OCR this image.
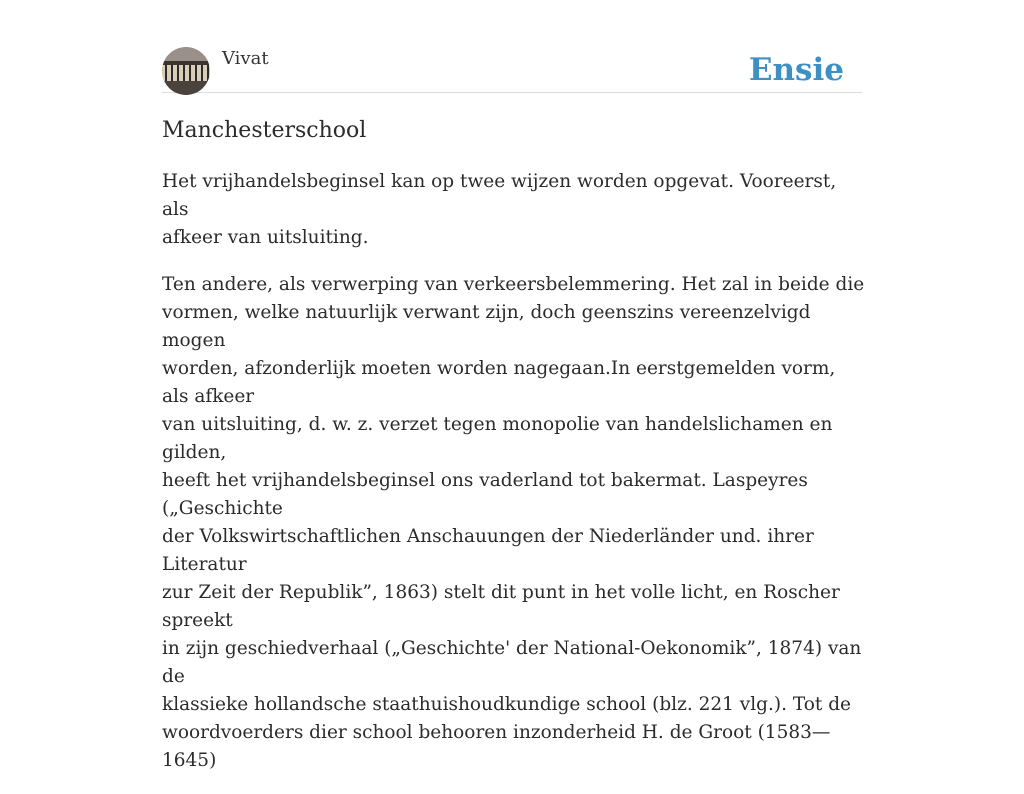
Vivat	Ensie
Manchesterschool

Het vrijhandelsbeginsel kan op twee wijzen worden opgevat. Vooreerst, als
afkeer van uitsluiting.

Ten andere, als verwerping van verkeersbelemmering. Het zal in beide die
vormen, welke natuurlijk verwant zijn, doch geenszins vereenzelvigd mogen
worden, afzonderlijk moeten worden nagegaan.In eerstgemelden vorm, als afkeer
van uitsluiting, d. w. z. verzet tegen monopolie van handelslichamen en gilden,
heeft het vrijhandelsbeginsel ons vaderland tot bakermat. Laspeyres („Geschichte
der Volkswirtschaftlichen Anschauungen der Niederländer und. ihrer Literatur
zur Zeit der Republik”, 1863) stelt dit punt in het volle licht, en Roscher spreekt
in zijn geschiedverhaal („Geschichte' der National-Oekonomik”, 1874) van de
klassieke hollandsche staathuishoudkundige school (blz. 221 vlg.). Tot de
woordvoerders dier school behooren inzonderheid H. de Groot (1583—1645)
